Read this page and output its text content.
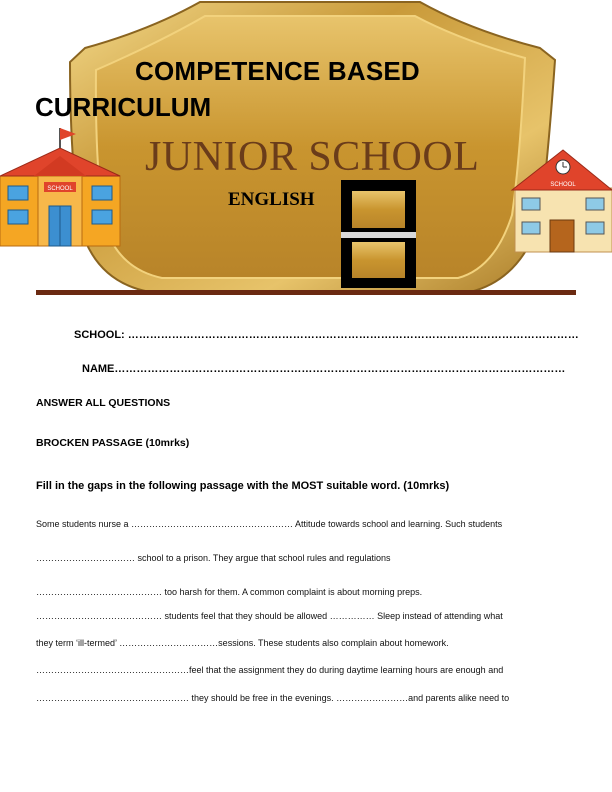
SCHOOL
SCHOOL
COMPETENCE BASED
CURRICULUM
JUNIOR SCHOOL
ENGLISH
SCHOOL: ……………………………………………………………………………………………………………
NAME……………………………………………………………………………………………………………
ANSWER ALL QUESTIONS
BROCKEN PASSAGE (10mrks)
Fill in the gaps in the following passage with the MOST suitable word. (10mrks)
Some students nurse a ……………………………………………… Attitude towards school and learning. Such students
…………………………… school to a prison. They argue that school rules and regulations
…………………………………… too harsh for them. A common complaint is about morning preps.
…………………………………… students feel that they should be allowed …………… Sleep instead of attending what
they term ‘ill-termed’ ……………………………sessions. These students also complain about homework.
……………………………………………feel that the assignment they do during daytime learning hours are enough and
…………………………………………… they should be free in the evenings. ……………………and parents alike need to
